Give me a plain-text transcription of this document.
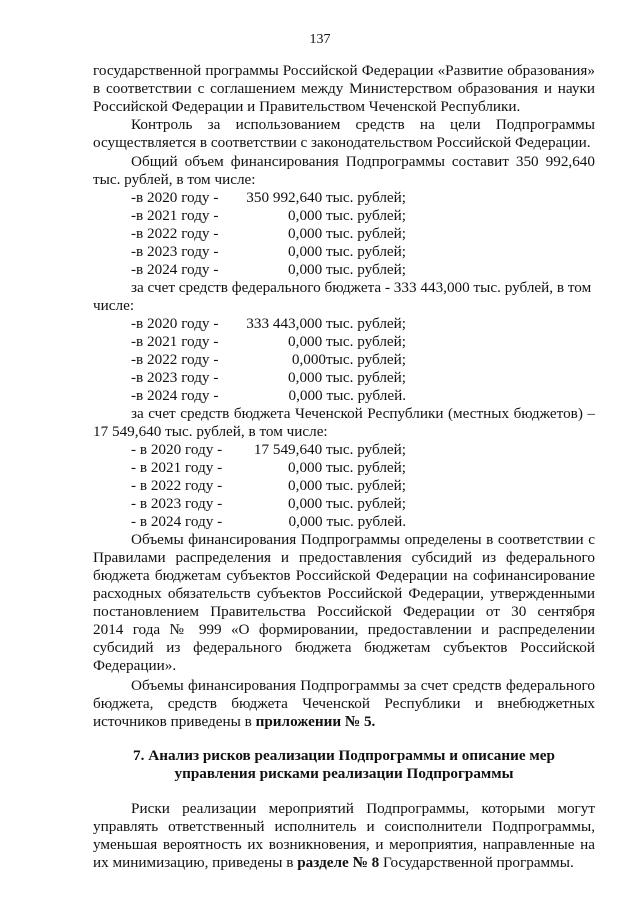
137
государственной программы Российской Федерации «Развитие образования»
в соответствии с соглашением между Министерством образования и науки
Российской Федерации и Правительством Чеченской Республики.
Контроль за использованием средств на цели Подпрограммы
осуществляется в соответствии с законодательством Российской Федерации.
Общий объем финансирования Подпрограммы составит 350 992,640
тыс. рублей, в том числе:
-в 2020 году -	350 992,640 тыс. рублей;
-в 2021 году -	0,000 тыс. рублей;
-в 2022 году -	0,000 тыс. рублей;
-в 2023 году -	0,000 тыс. рублей;
-в 2024 году -	0,000 тыс. рублей;
за счет средств федерального бюджета - 333 443,000 тыс. рублей, в том
числе:
-в 2020 году -	333 443,000 тыс. рублей;
-в 2021 году -	0,000 тыс. рублей;
-в 2022 году -	0,000тыс. рублей;
-в 2023 году -	0,000 тыс. рублей;
-в 2024 году -	0,000 тыс. рублей.
за счет средств бюджета Чеченской Республики (местных бюджетов) –
17 549,640 тыс. рублей, в том числе:
- в 2020 году -	17 549,640 тыс. рублей;
- в 2021 году -	0,000 тыс. рублей;
- в 2022 году -	0,000 тыс. рублей;
- в 2023 году -	0,000 тыс. рублей;
- в 2024 году -	0,000 тыс. рублей.
Объемы финансирования Подпрограммы определены в соответствии с
Правилами распределения и предоставления субсидий из федерального
бюджета бюджетам субъектов Российской Федерации на софинансирование
расходных обязательств субъектов Российской Федерации, утвержденными
постановлением Правительства Российской Федерации от 30 сентября
2014 года № 999 «О формировании, предоставлении и распределении
субсидий из федерального бюджета бюджетам субъектов Российской
Федерации».
Объемы финансирования Подпрограммы за счет средств федерального
бюджета, средств бюджета Чеченской Республики и внебюджетных
источников приведены в приложении № 5.
7. Анализ рисков реализации Подпрограммы и описание мер
управления рисками реализации Подпрограммы
Риски реализации мероприятий Подпрограммы, которыми могут
управлять ответственный исполнитель и соисполнители Подпрограммы,
уменьшая вероятность их возникновения, и мероприятия, направленные на
их минимизацию, приведены в разделе № 8 Государственной программы.
